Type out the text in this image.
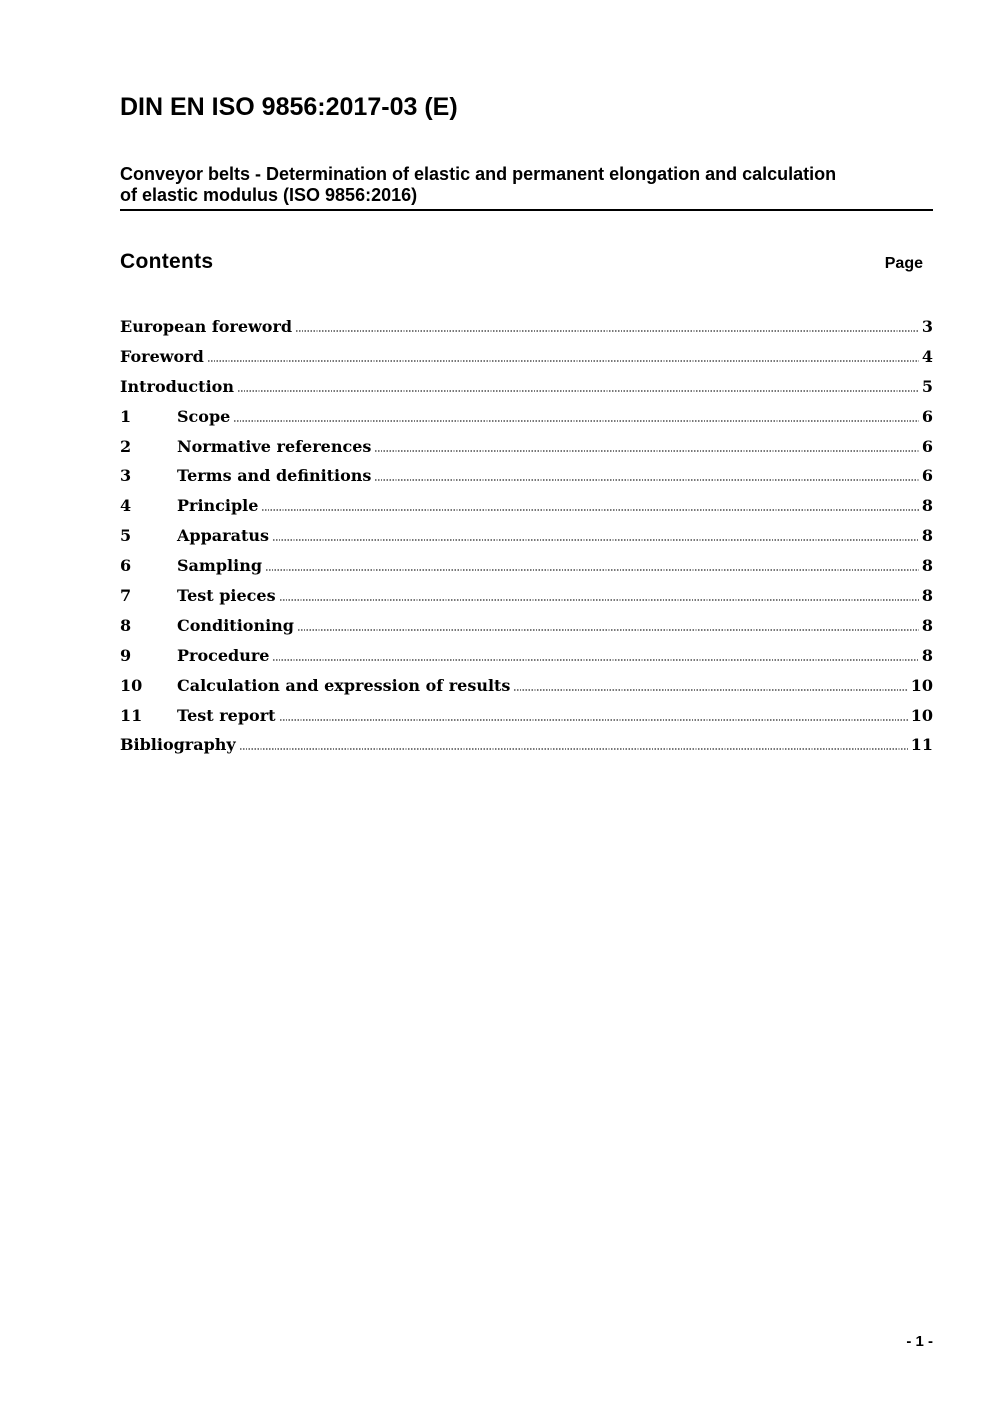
DIN EN ISO 9856:2017-03 (E)
Conveyor belts - Determination of elastic and permanent elongation and calculation
of elastic modulus (ISO 9856:2016)
Contents	Page
European foreword	3
Foreword	4
Introduction	5
1	Scope	6
2	Normative references	6
3	Terms and definitions	6
4	Principle	8
5	Apparatus	8
6	Sampling	8
7	Test pieces	8
8	Conditioning	8
9	Procedure	8
10	Calculation and expression of results	10
11	Test report	10
Bibliography	11
- 1 -
